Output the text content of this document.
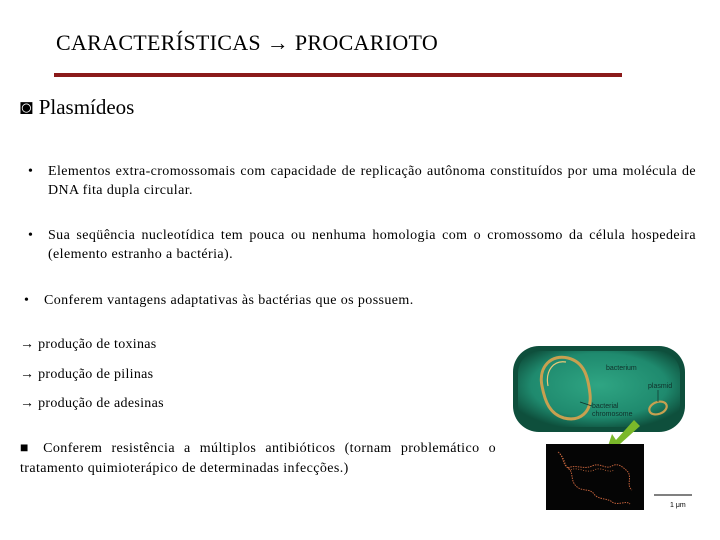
CARACTERÍSTICAS → PROCARIOTO
◙ Plasmídeos
• Elementos extra-cromossomais com capacidade de replicação autônoma constituídos por uma molécula de DNA fita dupla circular.
• Sua seqüência nucleotídica tem pouca ou nenhuma homologia com o cromossomo da célula hospedeira (elemento estranho a bactéria).
• Conferem vantagens adaptativas às bactérias que os possuem.
→ produção de toxinas
→ produção de pilinas
→ produção de adesinas
■ Conferem resistência a múltiplos antibióticos (tornam problemático o tratamento quimioterápico de determinadas infecções.)
bacterium
plasmid
bacterial
chromosome
1 μm
